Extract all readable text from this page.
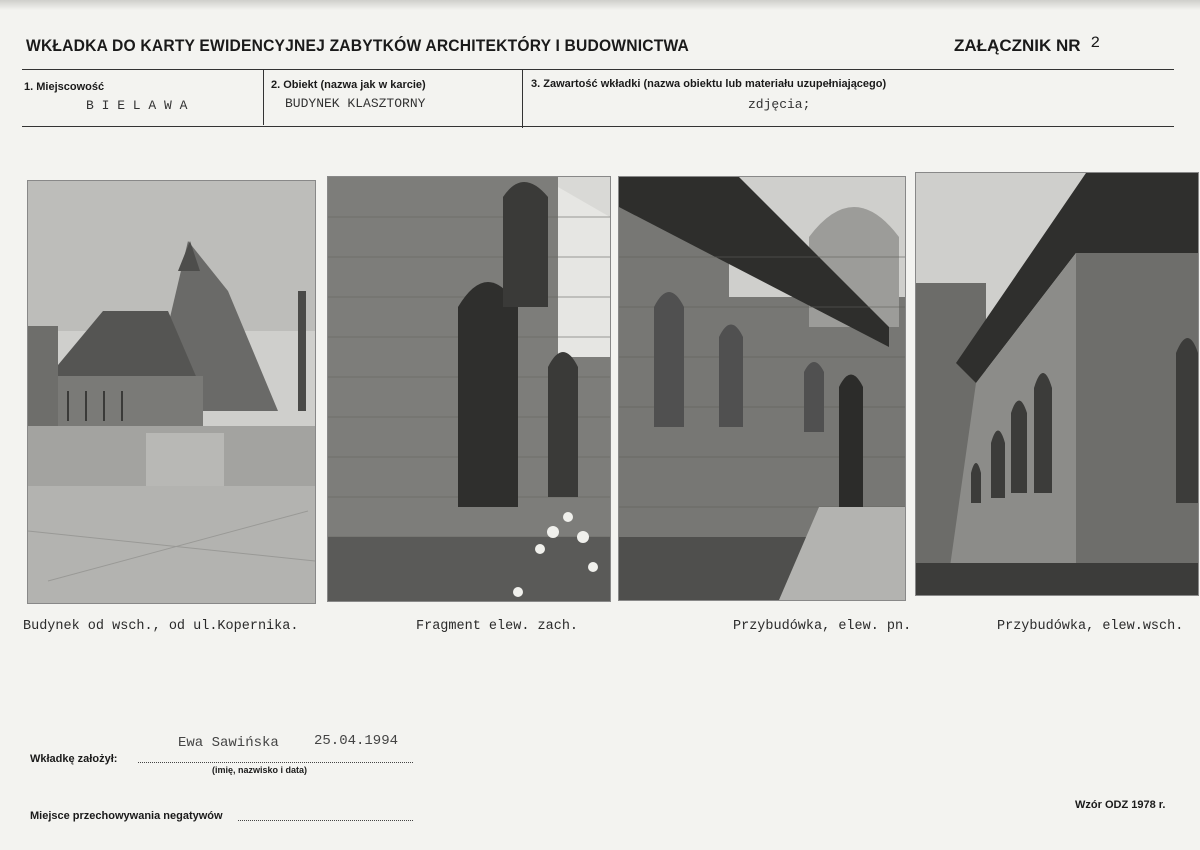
WKŁADKA DO KARTY EWIDENCYJNEJ ZABYTKÓW ARCHITEKTÓRY I BUDOWNICTWA	ZAŁĄCZNIK NR 2
1. Miejscowość
B I E L A W A
2. Obiekt (nazwa jak w karcie)
BUDYNEK KLASZTORNY
3. Zawartość wkładki (nazwa obiektu lub materiału uzupełniającego)
zdjęcia;
Budynek od wsch., od ul.Kopernika.	Fragment elew. zach.	Przybudówka, elew. pn.	Przybudówka, elew.wsch.
Ewa Sawińska	25.04.1994
Wkładkę założył:
(imię, nazwisko i data)
Miejsce przechowywania negatywów
Wzór ODZ 1978 r.
